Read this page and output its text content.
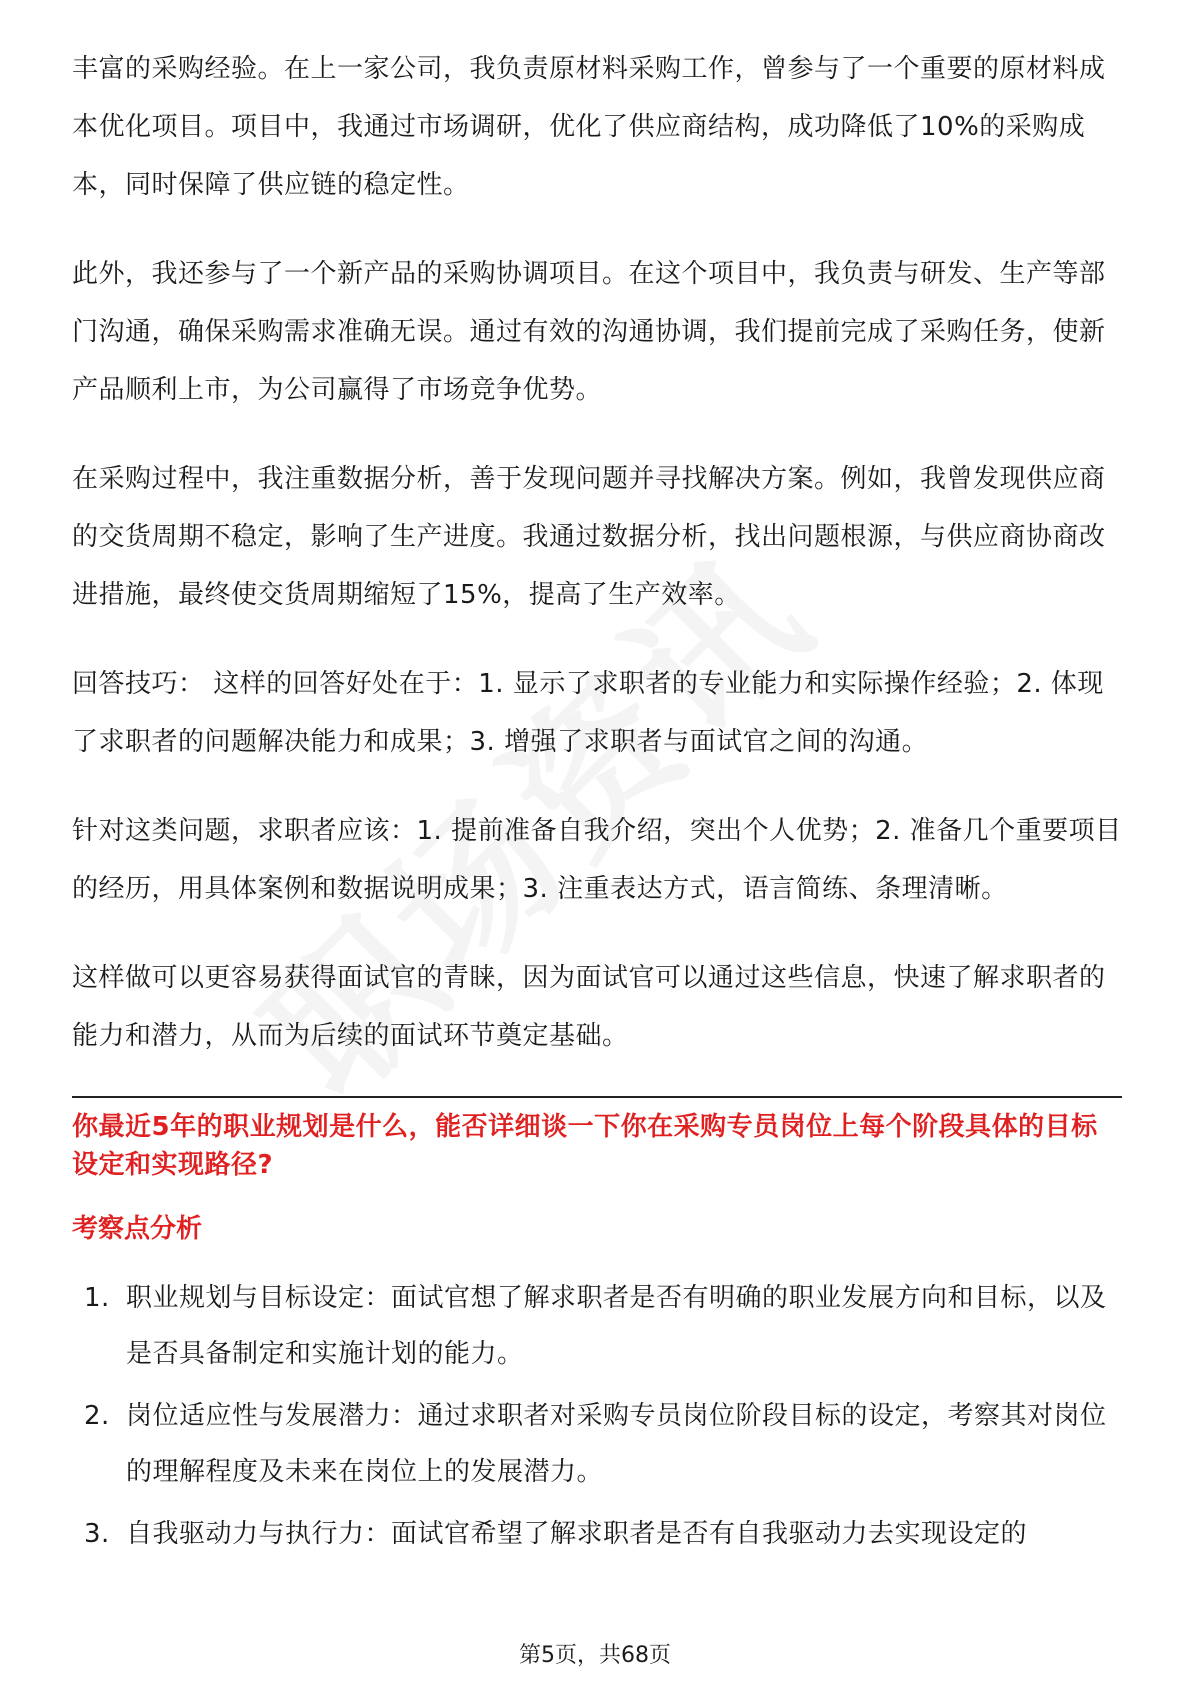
丰富的采购经验。在上一家公司，我负责原材料采购工作，曾参与了一个重要的原材料成本优化项目。项目中，我通过市场调研，优化了供应商结构，成功降低了10%的采购成本，同时保障了供应链的稳定性。

此外，我还参与了一个新产品的采购协调项目。在这个项目中，我负责与研发、生产等部门沟通，确保采购需求准确无误。通过有效的沟通协调，我们提前完成了采购任务，使新产品顺利上市，为公司赢得了市场竞争优势。

在采购过程中，我注重数据分析，善于发现问题并寻找解决方案。例如，我曾发现供应商的交货周期不稳定，影响了生产进度。我通过数据分析，找出问题根源，与供应商协商改进措施，最终使交货周期缩短了15%，提高了生产效率。

回答技巧： 这样的回答好处在于：1. 显示了求职者的专业能力和实际操作经验；2. 体现了求职者的问题解决能力和成果；3. 增强了求职者与面试官之间的沟通。

针对这类问题，求职者应该：1. 提前准备自我介绍，突出个人优势；2. 准备几个重要项目的经历，用具体案例和数据说明成果；3. 注重表达方式，语言简练、条理清晰。

这样做可以更容易获得面试官的青睐，因为面试官可以通过这些信息，快速了解求职者的能力和潜力，从而为后续的面试环节奠定基础。

你最近5年的职业规划是什么，能否详细谈一下你在采购专员岗位上每个阶段具体的目标设定和实现路径?
考察点分析
1. 职业规划与目标设定：面试官想了解求职者是否有明确的职业发展方向和目标，以及是否具备制定和实施计划的能力。
2. 岗位适应性与发展潜力：通过求职者对采购专员岗位阶段目标的设定，考察其对岗位的理解程度及未来在岗位上的发展潜力。
3. 自我驱动力与执行力：面试官希望了解求职者是否有自我驱动力去实现设定的
第5页，共68页
